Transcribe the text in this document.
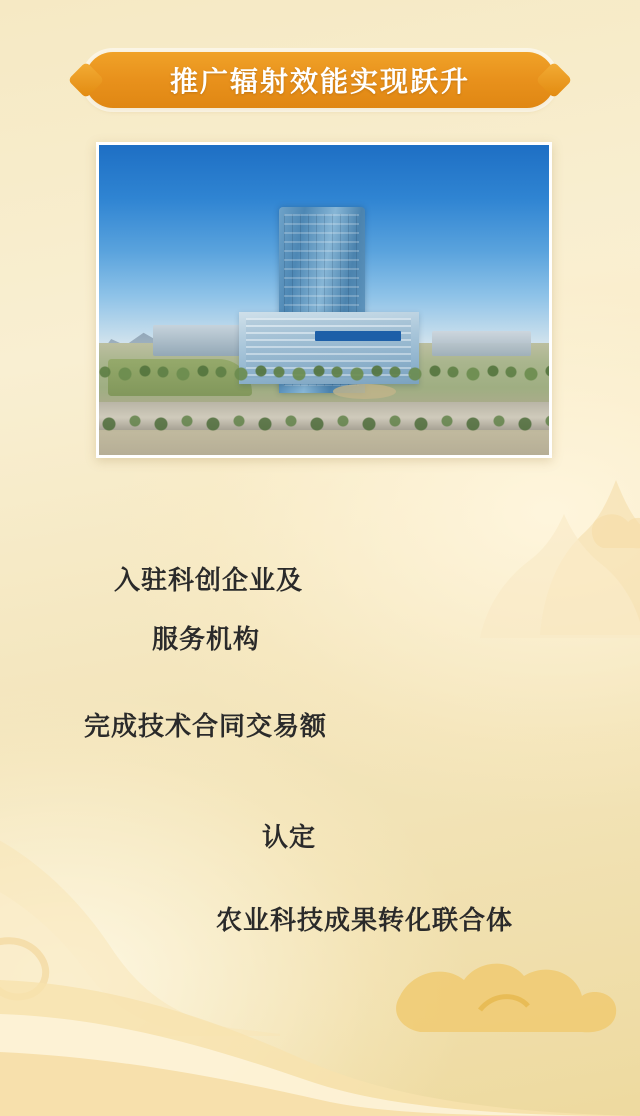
推广辐射效能实现跃升
入驻科创企业及
服务机构
完成技术合同交易额
认定
农业科技成果转化联合体
